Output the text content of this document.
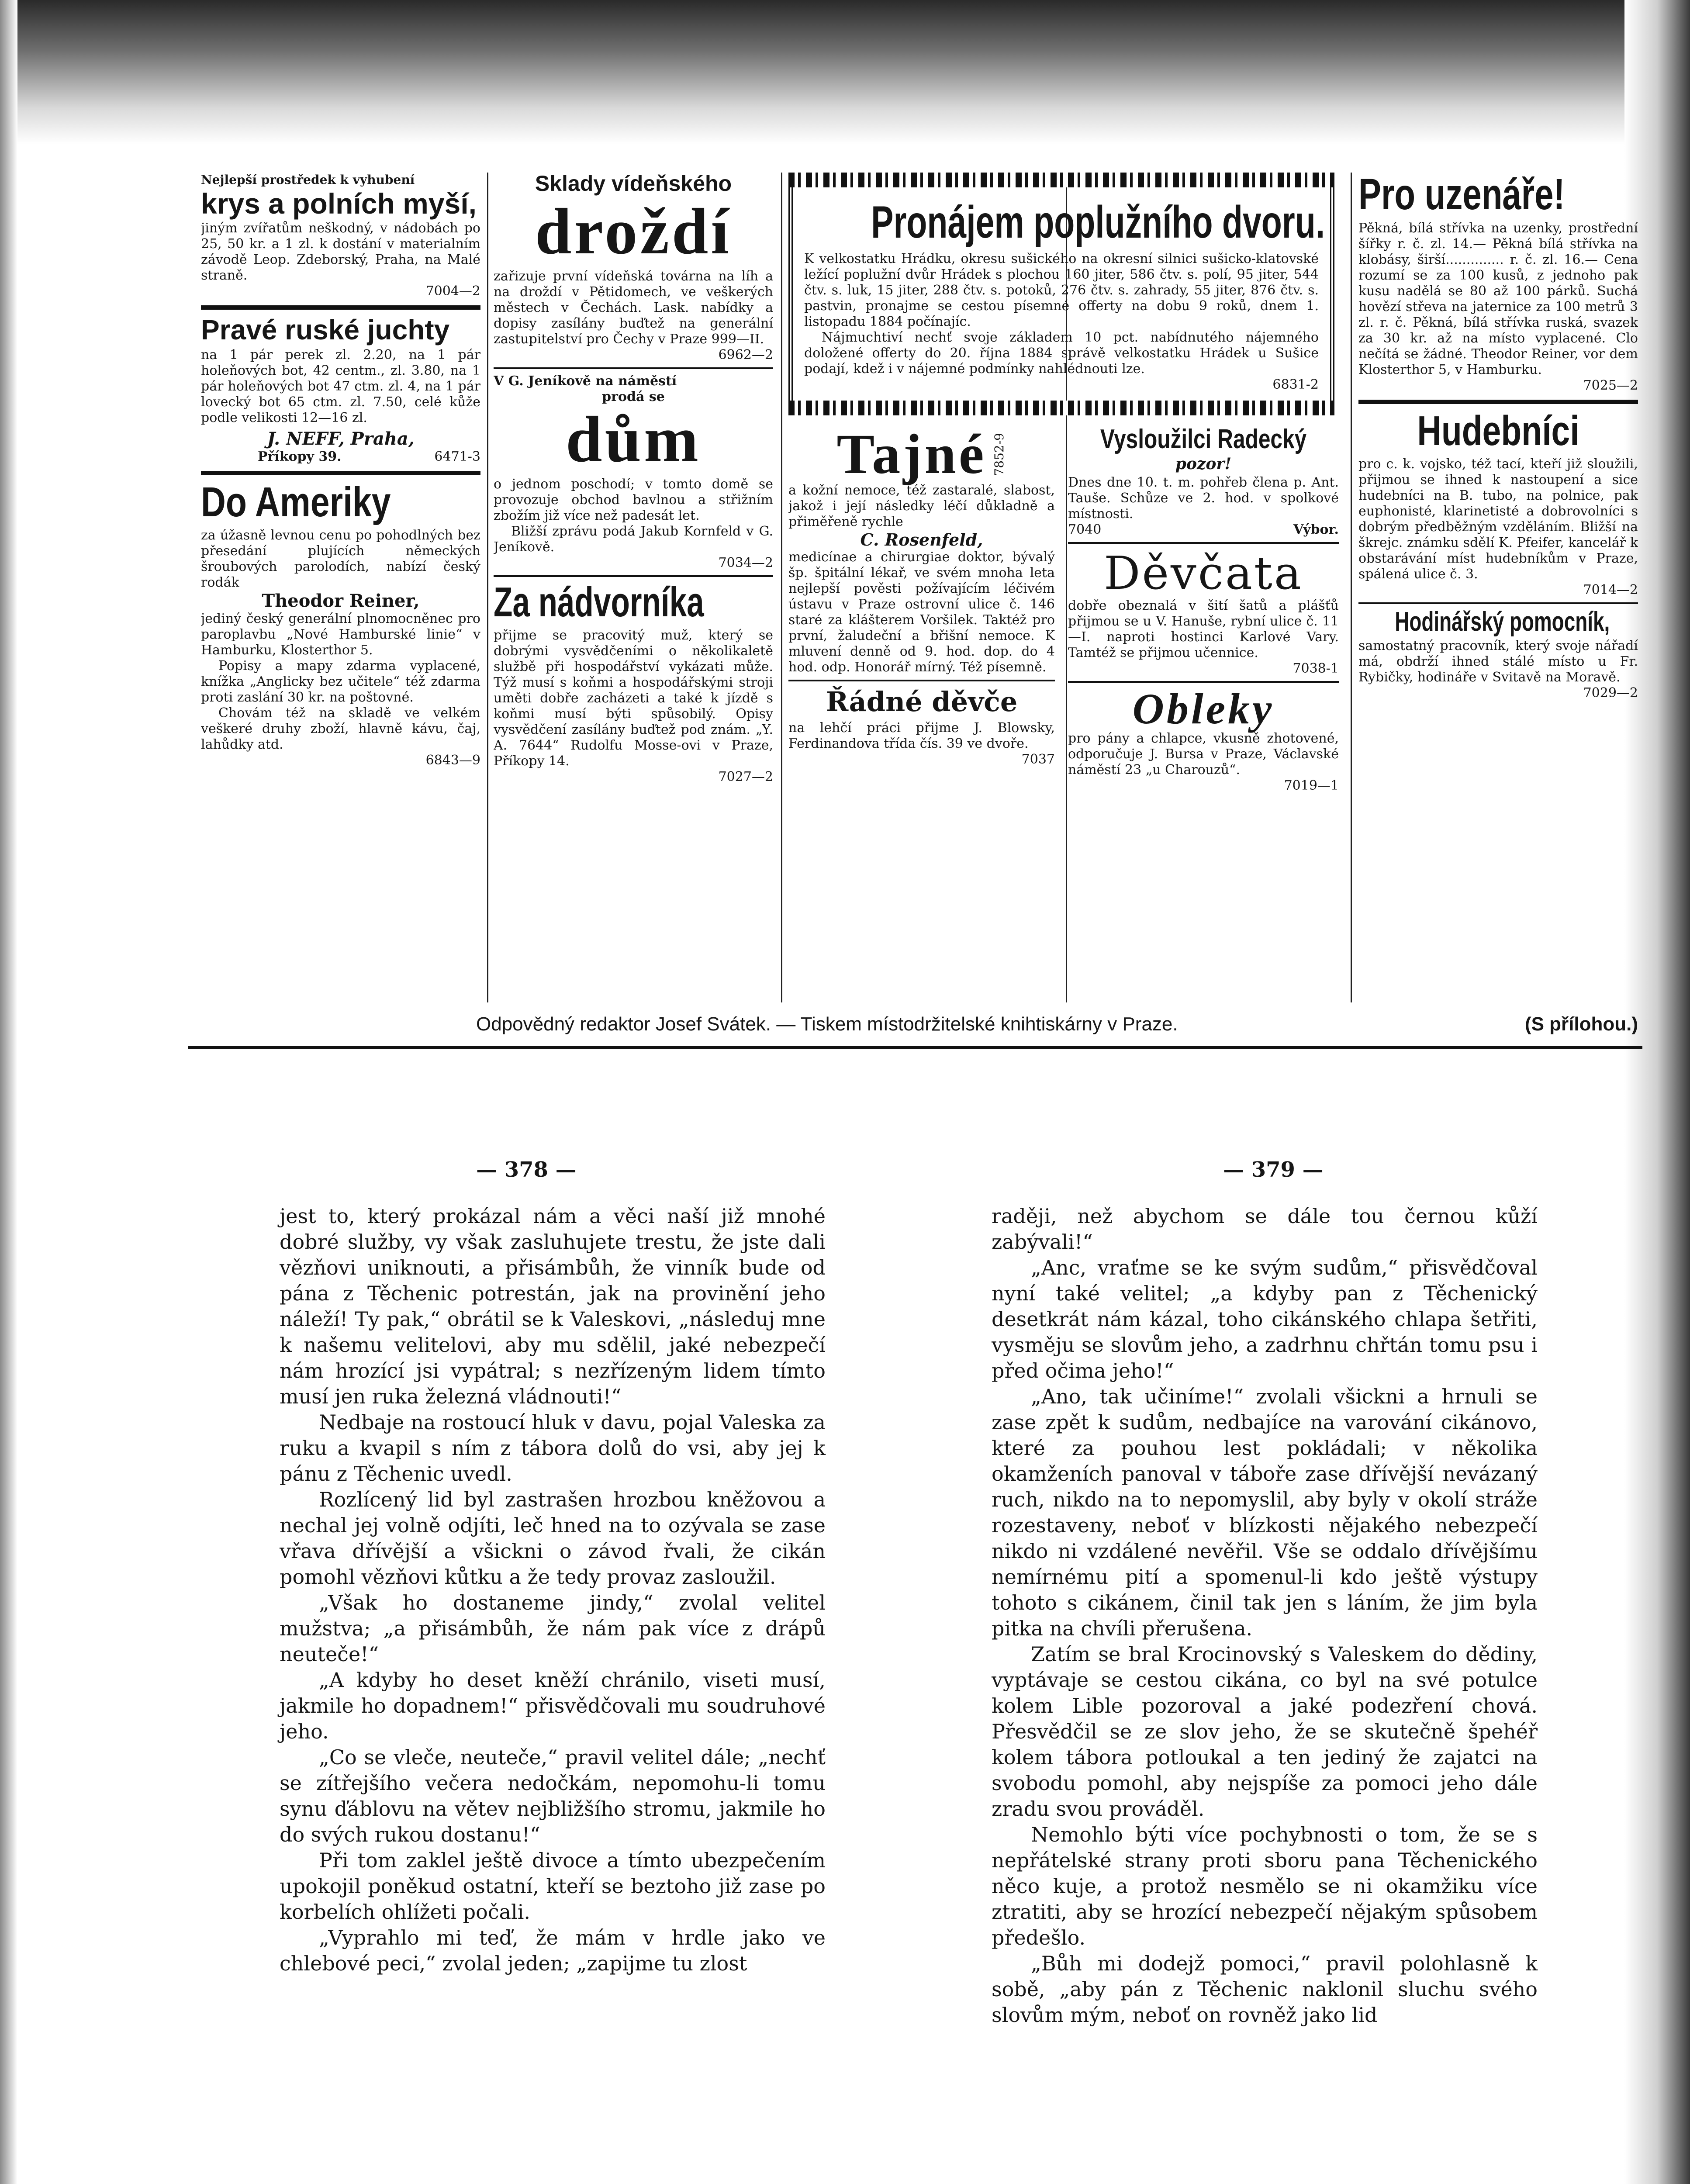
Nejlepší prostředek k vyhubení
krys a polních myší,
jiným zvířatům neškodný, v nádobách po 25, 50 kr. a 1 zl. k dostání v materialním závodě Leop. Zdeborský, Praha, na Malé straně.
7004—2
Pravé ruské juchty
na 1 pár perek zl. 2.20, na 1 pár holeňových bot, 42 centm., zl. 3.80, na 1 pár holeňových bot 47 ctm. zl. 4, na 1 pár lovecký bot 65 ctm. zl. 7.50, celé kůže podle velikosti 12—16 zl.
J. NEFF, Praha,
Příkopy 39.	6471-3
Do Ameriky
za úžasně levnou cenu po pohodlných bez přesedání plujících německých šroubových parolodích, nabízí český rodák
Theodor Reiner,
jediný český generální plnomocněnec pro paroplavbu „Nové Hamburské linie“ v Hamburku, Klosterthor 5.
Popisy a mapy zdarma vyplacené, knížka „Anglicky bez učitele“ též zdarma proti zaslání 30 kr. na poštovné.
Chovám též na skladě ve velkém veškeré druhy zboží, hlavně kávu, čaj, lahůdky atd.
6843—9
Sklady vídeňského
droždí
zařizuje první vídeňská továrna na líh a na droždí v Pětidomech, ve veškerých městech v Čechách. Lask. nabídky a dopisy zasílány buďtež na generální zastupitelství pro Čechy v Praze 999—II.
6962—2
V G. Jeníkově na náměstí
prodá se
dům
o jednom poschodí; v tomto domě se provozuje obchod bavlnou a střižním zbožím již více než padesát let.
Bližší zprávu podá Jakub Kornfeld v G. Jeníkově.
7034—2
Za nádvorníka
přijme se pracovitý muž, který se dobrými vysvědčeními o několikaletě službě při hospodářství vykázati může. Týž musí s koňmi a hospodářskými stroji uměti dobře zacházeti a také k jízdě s koňmi musí býti spůsobilý. Opisy vysvědčení zasílány buďtež pod znám. „Y. A. 7644“ Rudolfu Mosse-ovi v Praze, Příkopy 14.
7027—2
Pronájem poplužního dvoru.
K velkostatku Hrádku, okresu sušického na okresní silnici sušicko-klatovské ležící poplužní dvůr Hrádek s plochou 160 jiter, 586 čtv. s. polí, 95 jiter, 544 čtv. s. luk, 15 jiter, 288 čtv. s. potoků, 276 čtv. s. zahrady, 55 jiter, 876 čtv. s. pastvin, pronajme se cestou písemné offerty na dobu 9 roků, dnem 1. listopadu 1884 počínajíc.
Nájmuchtiví nechť svoje základem 10 pct. nabídnutého nájemného doložené offerty do 20. října 1884 správě velkostatku Hrádek u Sušice podají, kdež i v nájemné podmínky nahlédnouti lze.
6831-2
Tajné 7852-9
a kožní nemoce, též zastaralé, slabost, jakož i její následky léčí důkladně a přiměřeně rychle
C. Rosenfeld,
medicínae a chirurgiae doktor, bývalý šp. špitální lékař, ve svém mnoha leta nejlepší pověsti požívajícím léčivém ústavu v Praze ostrovní ulice č. 146 staré za klášterem Voršilek. Taktéž pro první, žaludeční a břišní nemoce. K mluvení denně od 9. hod. dop. do 4 hod. odp. Honorář mírný. Též písemně.
Řádné děvče
na lehčí práci přijme J. Blowsky, Ferdinandova třída čís. 39 ve dvoře.
7037
Vysloužilci Radecký
pozor!
Dnes dne 10. t. m. pohřeb člena p. Ant. Tauše. Schůze ve 2. hod. v spolkové místnosti.
7040	Výbor.
Děvčata
dobře obeznalá v šití šatů a plášťů přijmou se u V. Hanuše, rybní ulice č. 11—I. naproti hostinci Karlové Vary. Tamtéž se přijmou učennice.
7038-1
Obleky
pro pány a chlapce, vkusně zhotovené, odporučuje J. Bursa v Praze, Václavské náměstí 23 „u Charouzů“.
7019—1
Pro uzenáře!
Pěkná, bílá střívka na uzenky, prostřední šířky r. č. zl. 14.— Pěkná bílá střívka na klobásy, širší.............. r. č. zl. 16.— Cena rozumí se za 100 kusů, z jednoho pak kusu nadělá se 80 až 100 párků. Suchá hovězí střeva na jaternice za 100 metrů 3 zl. r. č. Pěkná, bílá střívka ruská, svazek za 30 kr. až na místo vyplacené. Clo nečítá se žádné. Theodor Reiner, vor dem Klosterthor 5, v Hamburku.
7025—2
Hudebníci
pro c. k. vojsko, též tací, kteří již sloužili, přijmou se ihned k nastoupení a sice hudebníci na B. tubo, na polnice, pak euphonisté, klarinetisté a dobrovolníci s dobrým předběžným vzděláním. Bližší na škrejc. známku sdělí K. Pfeifer, kancelář k obstarávání míst hudebníkům v Praze, spálená ulice č. 3.
7014—2
Hodinářský pomocník,
samostatný pracovník, který svoje nářadí má, obdrží ihned stálé místo u Fr. Rybičky, hodináře v Svitavě na Moravě.
7029—2
Odpovědný redaktor Josef Svátek. — Tiskem místodržitelské knihtiskárny v Praze.	(S přílohou.)
— 378 —	— 379 —

jest to, který prokázal nám a věci naší již mnohé dobré služby, vy však zasluhujete trestu, že jste dali vězňovi uniknouti, a přisámbůh, že vinník bude od pána z Těchenic potrestán, jak na provinění jeho náleží! Ty pak,“ obrátil se k Valeskovi, „následuj mne k našemu velitelovi, aby mu sdělil, jaké nebezpečí nám hrozící jsi vypátral; s nezřízeným lidem tímto musí jen ruka železná vládnouti!“

Nedbaje na rostoucí hluk v davu, pojal Valeska za ruku a kvapil s ním z tábora dolů do vsi, aby jej k pánu z Těchenic uvedl.

Rozlícený lid byl zastrašen hrozbou kněžovou a nechal jej volně odjíti, leč hned na to ozývala se zase vřava dřívější a všickni o závod řvali, že cikán pomohl vězňovi kůtku a že tedy provaz zasloužil.

„Však ho dostaneme jindy,“ zvolal velitel mužstva; „a přisámbůh, že nám pak více z drápů neuteče!“

„A kdyby ho deset kněží chránilo, viseti musí, jakmile ho dopadnem!“ přisvědčovali mu soudruhové jeho.

„Co se vleče, neuteče,“ pravil velitel dále; „nechť se zítřejšího večera nedočkám, nepomohu-li tomu synu ďáblovu na větev nejbližšího stromu, jakmile ho do svých rukou dostanu!“

Při tom zaklel ještě divoce a tímto ubezpečením upokojil poněkud ostatní, kteří se beztoho již zase po korbelích ohlížeti počali.

„Vyprahlo mi teď, že mám v hrdle jako ve chlebové peci,“ zvolal jeden; „zapijme tu zlost

raději, než abychom se dále tou černou kůží zabývali!“

„Anc, vraťme se ke svým sudům,“ přisvědčoval nyní také velitel; „a kdyby pan z Těchenický desetkrát nám kázal, toho cikánského chlapa šetřiti, vysměju se slovům jeho, a zadrhnu chřtán tomu psu i před očima jeho!“

„Ano, tak učiníme!“ zvolali všickni a hrnuli se zase zpět k sudům, nedbajíce na varování cikánovo, které za pouhou lest pokládali; v několika okamženích panoval v táboře zase dřívější nevázaný ruch, nikdo na to nepomyslil, aby byly v okolí stráže rozestaveny, neboť v blízkosti nějakého nebezpečí nikdo ni vzdálené nevěřil. Vše se oddalo dřívějšímu nemírnému pití a spomenul-li kdo ještě výstupy tohoto s cikánem, činil tak jen s láním, že jim byla pitka na chvíli přerušena.

Zatím se bral Krocinovský s Valeskem do dědiny, vyptávaje se cestou cikána, co byl na své potulce kolem Lible pozoroval a jaké podezření chová. Přesvědčil se ze slov jeho, že se skutečně špehéř kolem tábora potloukal a ten jediný že zajatci na svobodu pomohl, aby nejspíše za pomoci jeho dále zradu svou prováděl.

Nemohlo býti více pochybnosti o tom, že se s nepřátelské strany proti sboru pana Těchenického něco kuje, a protož nesmělo se ni okamžiku více ztratiti, aby se hrozící nebezpečí nějakým spůsobem předešlo.

„Bůh mi dodejž pomoci,“ pravil polohlasně k sobě, „aby pán z Těchenic naklonil sluchu svého slovům mým, neboť on rovněž jako lid
